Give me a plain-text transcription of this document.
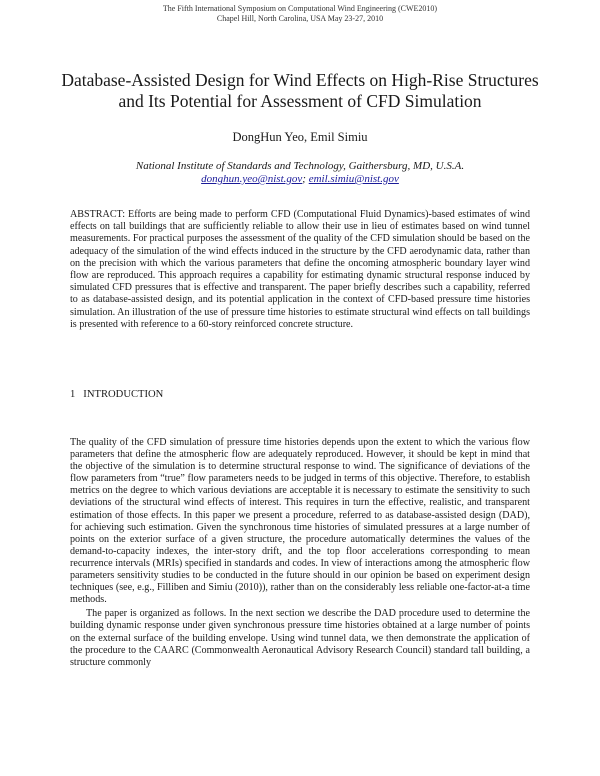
The Fifth International Symposium on Computational Wind Engineering (CWE2010)
Chapel Hill, North Carolina, USA May 23-27, 2010
Database-Assisted Design for Wind Effects on High-Rise Structures
and Its Potential for Assessment of CFD Simulation
DongHun Yeo, Emil Simiu
National Institute of Standards and Technology, Gaithersburg, MD, U.S.A.
donghun.yeo@nist.gov; emil.simiu@nist.gov
ABSTRACT: Efforts are being made to perform CFD (Computational Fluid Dynamics)-based estimates of wind effects on tall buildings that are sufficiently reliable to allow their use in lieu of estimates based on wind tunnel measurements. For practical purposes the assessment of the quality of the CFD simulation should be based on the adequacy of the simulation of the wind effects induced in the structure by the CFD aerodynamic data, rather than on the precision with which the various parameters that define the oncoming atmospheric boundary layer wind flow are reproduced. This approach requires a capability for estimating dynamic structural response induced by simulated CFD pressures that is effective and transparent. The paper briefly describes such a capability, referred to as database-assisted design, and its potential application in the context of CFD-based pressure time histories simulation. An illustration of the use of pressure time histories to estimate structural wind effects on tall buildings is presented with reference to a 60-story reinforced concrete structure.
1 INTRODUCTION

The quality of the CFD simulation of pressure time histories depends upon the extent to which the various flow parameters that define the atmospheric flow are adequately reproduced. However, it should be kept in mind that the objective of the simulation is to determine structural response to wind. The significance of deviations of the flow parameters from “true” flow parameters needs to be judged in terms of this objective. Therefore, to establish metrics on the degree to which various deviations are acceptable it is necessary to estimate the sensitivity to such deviations of the structural wind effects of interest. This requires in turn the effective, realistic, and transparent estimation of those effects. In this paper we present a procedure, referred to as database-assisted design (DAD), for achieving such estimation. Given the synchronous time histories of simulated pressures at a large number of points on the exterior surface of a given structure, the procedure automatically determines the values of the demand-to-capacity indexes, the inter-story drift, and the top floor accelerations corresponding to mean recurrence intervals (MRIs) specified in standards and codes. In view of interactions among the atmospheric flow parameters sensitivity studies to be conducted in the future should in our opinion be based on experiment design techniques (see, e.g., Filliben and Simiu (2010)), rather than on the considerably less reliable one-factor-at-a time methods.

The paper is organized as follows. In the next section we describe the DAD procedure used to determine the building dynamic response under given synchronous pressure time histories obtained at a large number of points on the external surface of the building envelope. Using wind tunnel data, we then demonstrate the application of the procedure to the CAARC (Commonwealth Aeronautical Advisory Research Council) standard tall building, a structure commonly
